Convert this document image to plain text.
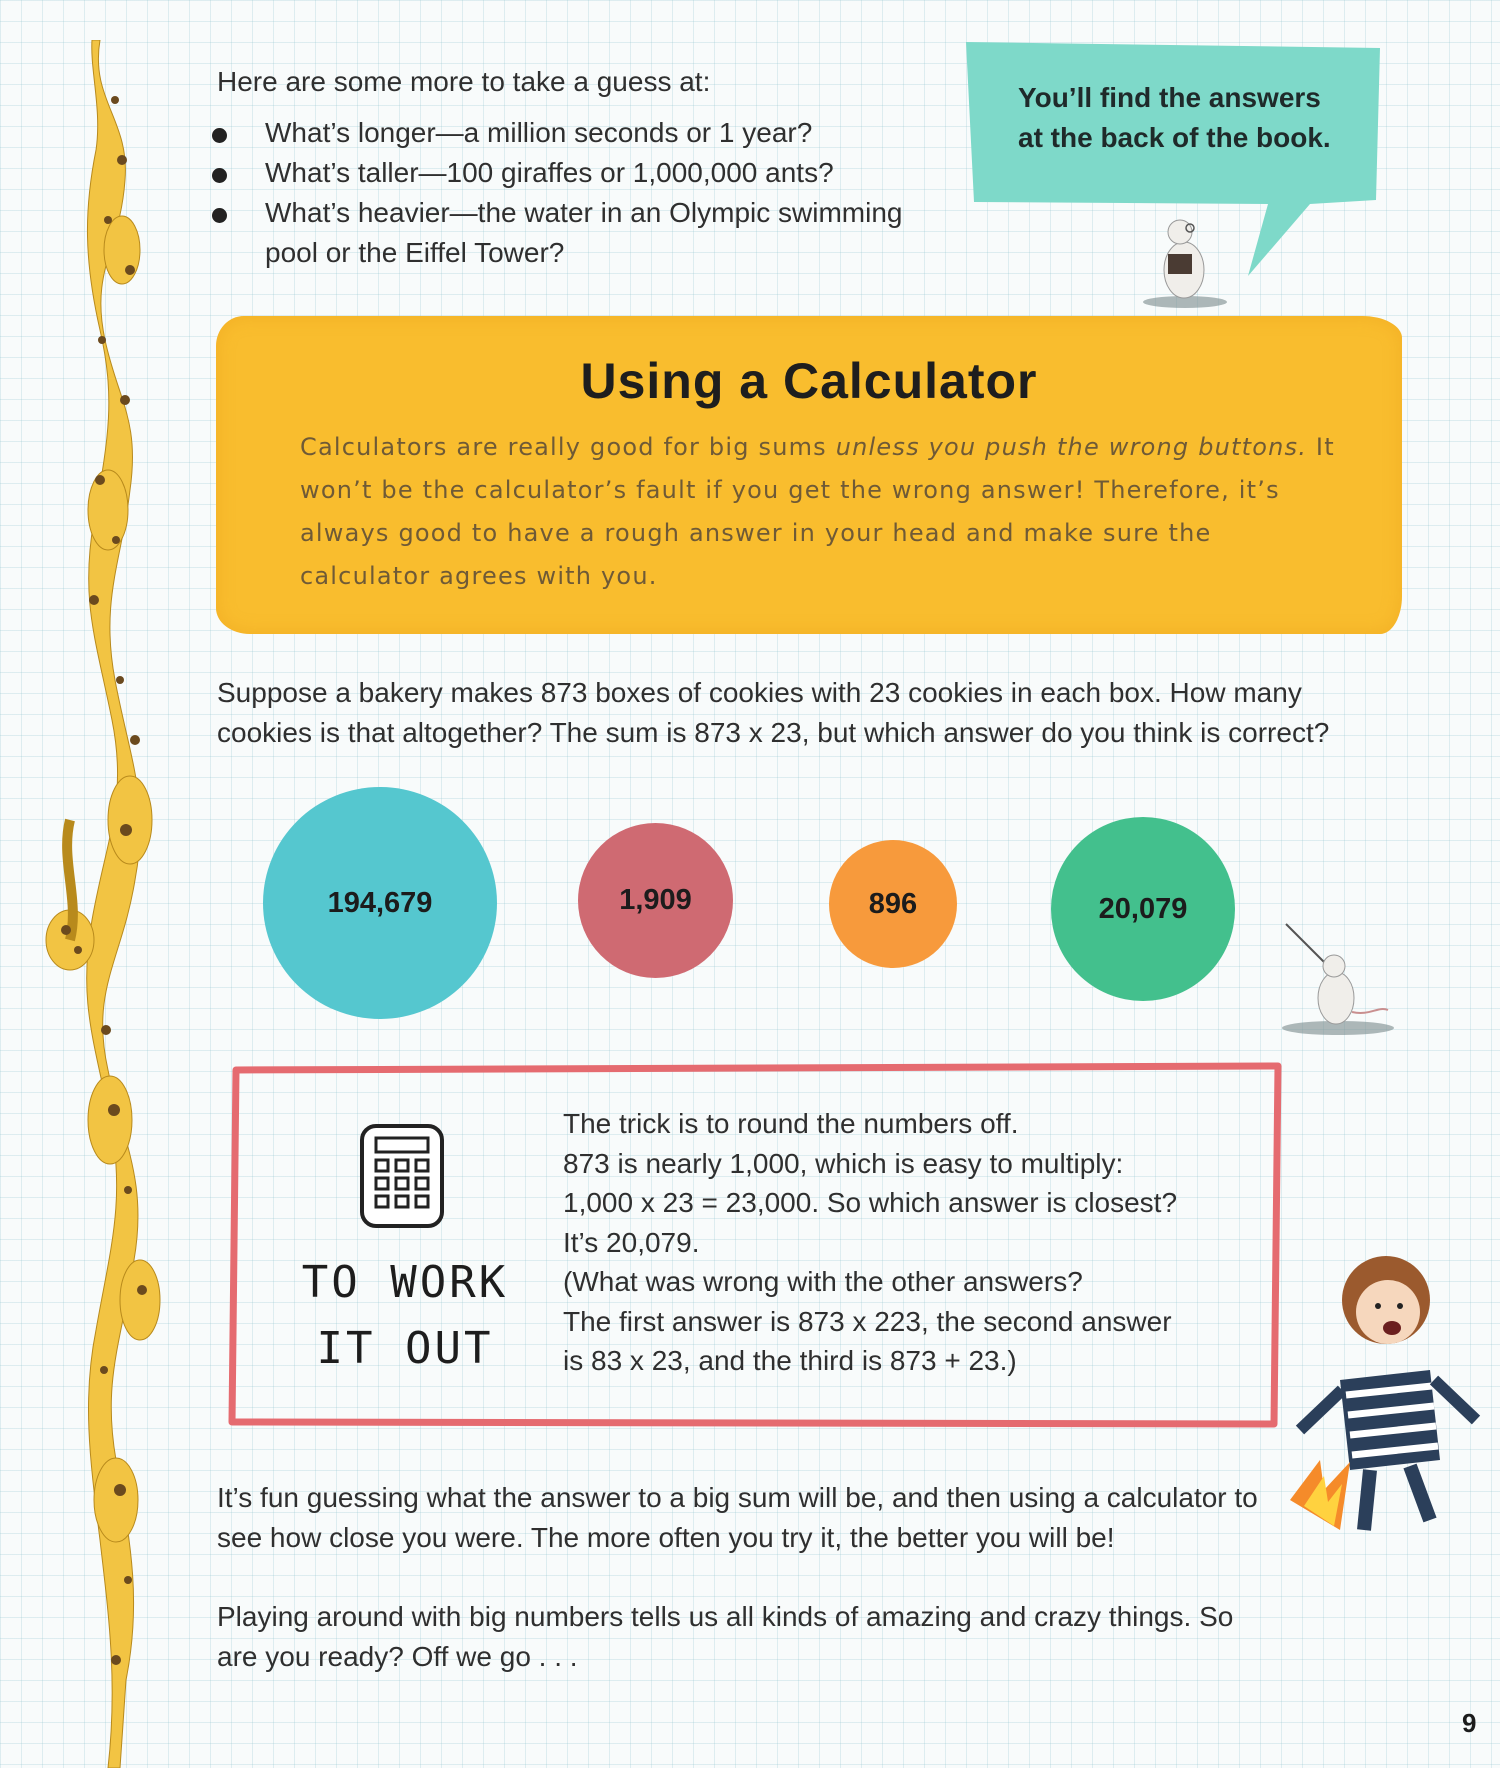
Here are some more to take a guess at:
What’s longer—a million seconds or 1 year?
What’s taller—100 giraffes or 1,000,000 ants?
What’s heavier—the water in an Olympic swimming pool or the Eiffel Tower?
You’ll find the answers
at the back of the book.
Using a Calculator
Calculators are really good for big sums unless you push the wrong buttons. It won’t be the calculator’s fault if you get the wrong answer! Therefore, it’s always good to have a rough answer in your head and make sure the calculator agrees with you.
Suppose a bakery makes 873 boxes of cookies with 23 cookies in each box. How many cookies is that altogether? The sum is 873 x 23, but which answer do you think is correct?
194,679	1,909	896	20,079
TO WORK
IT OUT
The trick is to round the numbers off.
873 is nearly 1,000, which is easy to multiply:
1,000 x 23 = 23,000. So which answer is closest?
It’s 20,079.
(What was wrong with the other answers?
The first answer is 873 x 223, the second answer
is 83 x 23, and the third is 873 + 23.)
It’s fun guessing what the answer to a big sum will be, and then using a calculator to see how close you were. The more often you try it, the better you will be!
Playing around with big numbers tells us all kinds of amazing and crazy things. So are you ready? Off we go . . .
9
